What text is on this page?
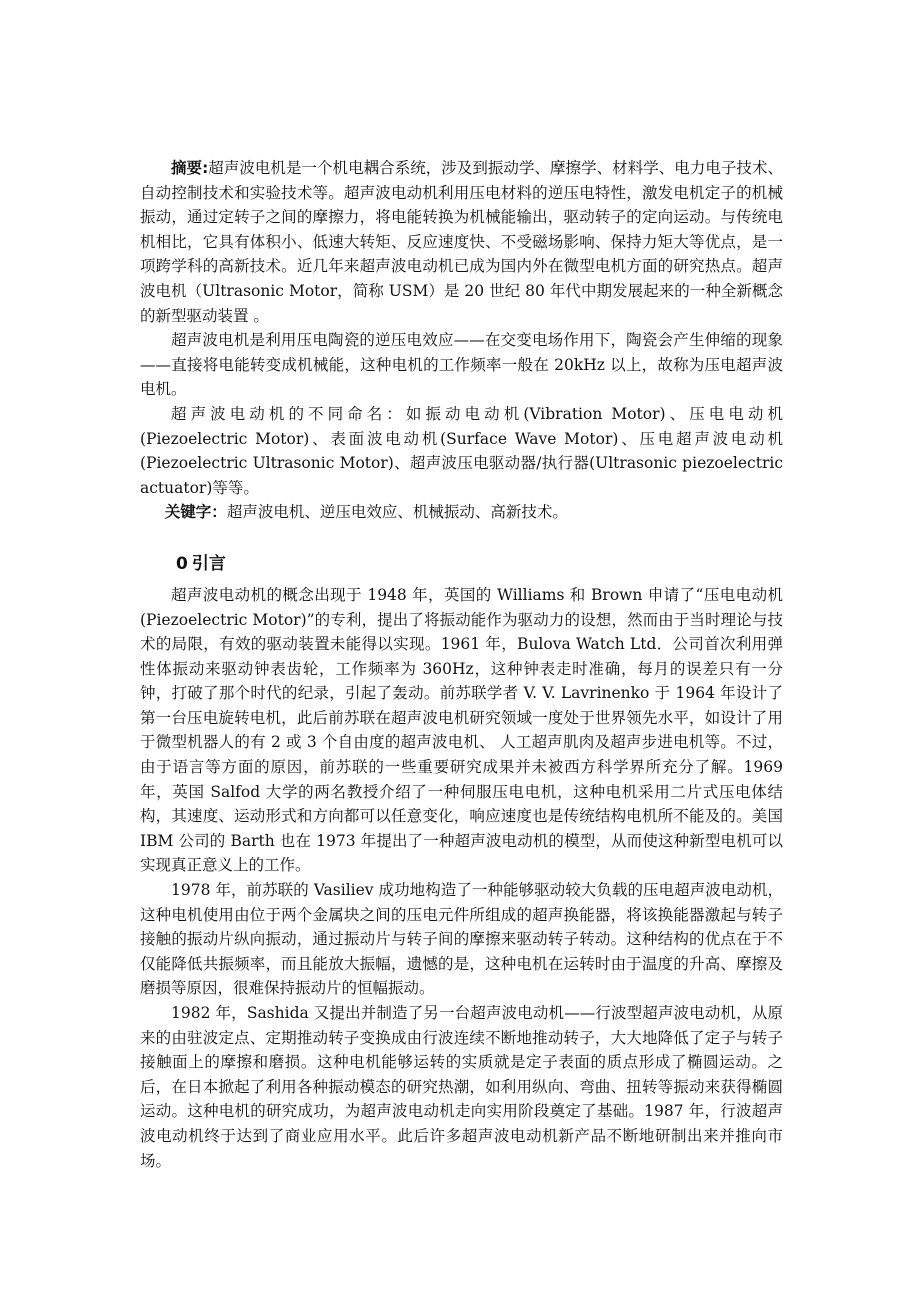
摘要:超声波电机是一个机电耦合系统，涉及到振动学、摩擦学、材料学、电力电子技术、自动控制技术和实验技术等。超声波电动机利用压电材料的逆压电特性，激发电机定子的机械振动，通过定转子之间的摩擦力，将电能转换为机械能输出，驱动转子的定向运动。与传统电机相比，它具有体积小、低速大转矩、反应速度快、不受磁场影响、保持力矩大等优点，是一项跨学科的高新技术。近几年来超声波电动机已成为国内外在微型电机方面的研究热点。超声波电机（Ultrasonic Motor，简称 USM）是 20 世纪 80 年代中期发展起来的一种全新概念的新型驱动装置 。

超声波电机是利用压电陶瓷的逆压电效应——在交变电场作用下，陶瓷会产生伸缩的现象——直接将电能转变成机械能，这种电机的工作频率一般在 20kHz 以上，故称为压电超声波电机。

超声波电动机的不同命名：如振动电动机(Vibration Motor)、压电电动机(Piezoelectric Motor)、表面波电动机(Surface Wave Motor)、压电超声波电动机(Piezoelectric Ultrasonic Motor)、超声波压电驱动器/执行器(Ultrasonic piezoelectric actuator)等等。

关键字：超声波电机、逆压电效应、机械振动、高新技术。

0 引言

超声波电动机的概念出现于 1948 年，英国的 Williams 和 Brown 申请了“压电电动机(Piezoelectric Motor)”的专利，提出了将振动能作为驱动力的设想，然而由于当时理论与技术的局限，有效的驱动装置未能得以实现。1961 年，Bulova Watch Ltd．公司首次利用弹性体振动来驱动钟表齿轮，工作频率为 360Hz，这种钟表走时准确，每月的误差只有一分钟，打破了那个时代的纪录，引起了轰动。前苏联学者 V. V. Lavrinenko 于 1964 年设计了第一台压电旋转电机，此后前苏联在超声波电机研究领域一度处于世界领先水平，如设计了用于微型机器人的有 2 或 3 个自由度的超声波电机、 人工超声肌肉及超声步进电机等。不过，由于语言等方面的原因，前苏联的一些重要研究成果并未被西方科学界所充分了解。1969 年，英国 Salfod 大学的两名教授介绍了一种伺服压电电机，这种电机采用二片式压电体结构，其速度、运动形式和方向都可以任意变化，响应速度也是传统结构电机所不能及的。美国 IBM 公司的 Barth 也在 1973 年提出了一种超声波电动机的模型，从而使这种新型电机可以实现真正意义上的工作。

1978 年，前苏联的 Vasiliev 成功地构造了一种能够驱动较大负载的压电超声波电动机，这种电机使用由位于两个金属块之间的压电元件所组成的超声换能器，将该换能器激起与转子接触的振动片纵向振动，通过振动片与转子间的摩擦来驱动转子转动。这种结构的优点在于不仅能降低共振频率，而且能放大振幅，遗憾的是，这种电机在运转时由于温度的升高、摩擦及磨损等原因，很难保持振动片的恒幅振动。

1982 年，Sashida 又提出并制造了另一台超声波电动机——行波型超声波电动机，从原来的由驻波定点、定期推动转子变换成由行波连续不断地推动转子，大大地降低了定子与转子接触面上的摩擦和磨损。这种电机能够运转的实质就是定子表面的质点形成了椭圆运动。之后，在日本掀起了利用各种振动模态的研究热潮，如利用纵向、弯曲、扭转等振动来获得椭圆运动。这种电机的研究成功，为超声波电动机走向实用阶段奠定了基础。1987 年，行波超声波电动机终于达到了商业应用水平。此后许多超声波电动机新产品不断地研制出来并推向市场。
